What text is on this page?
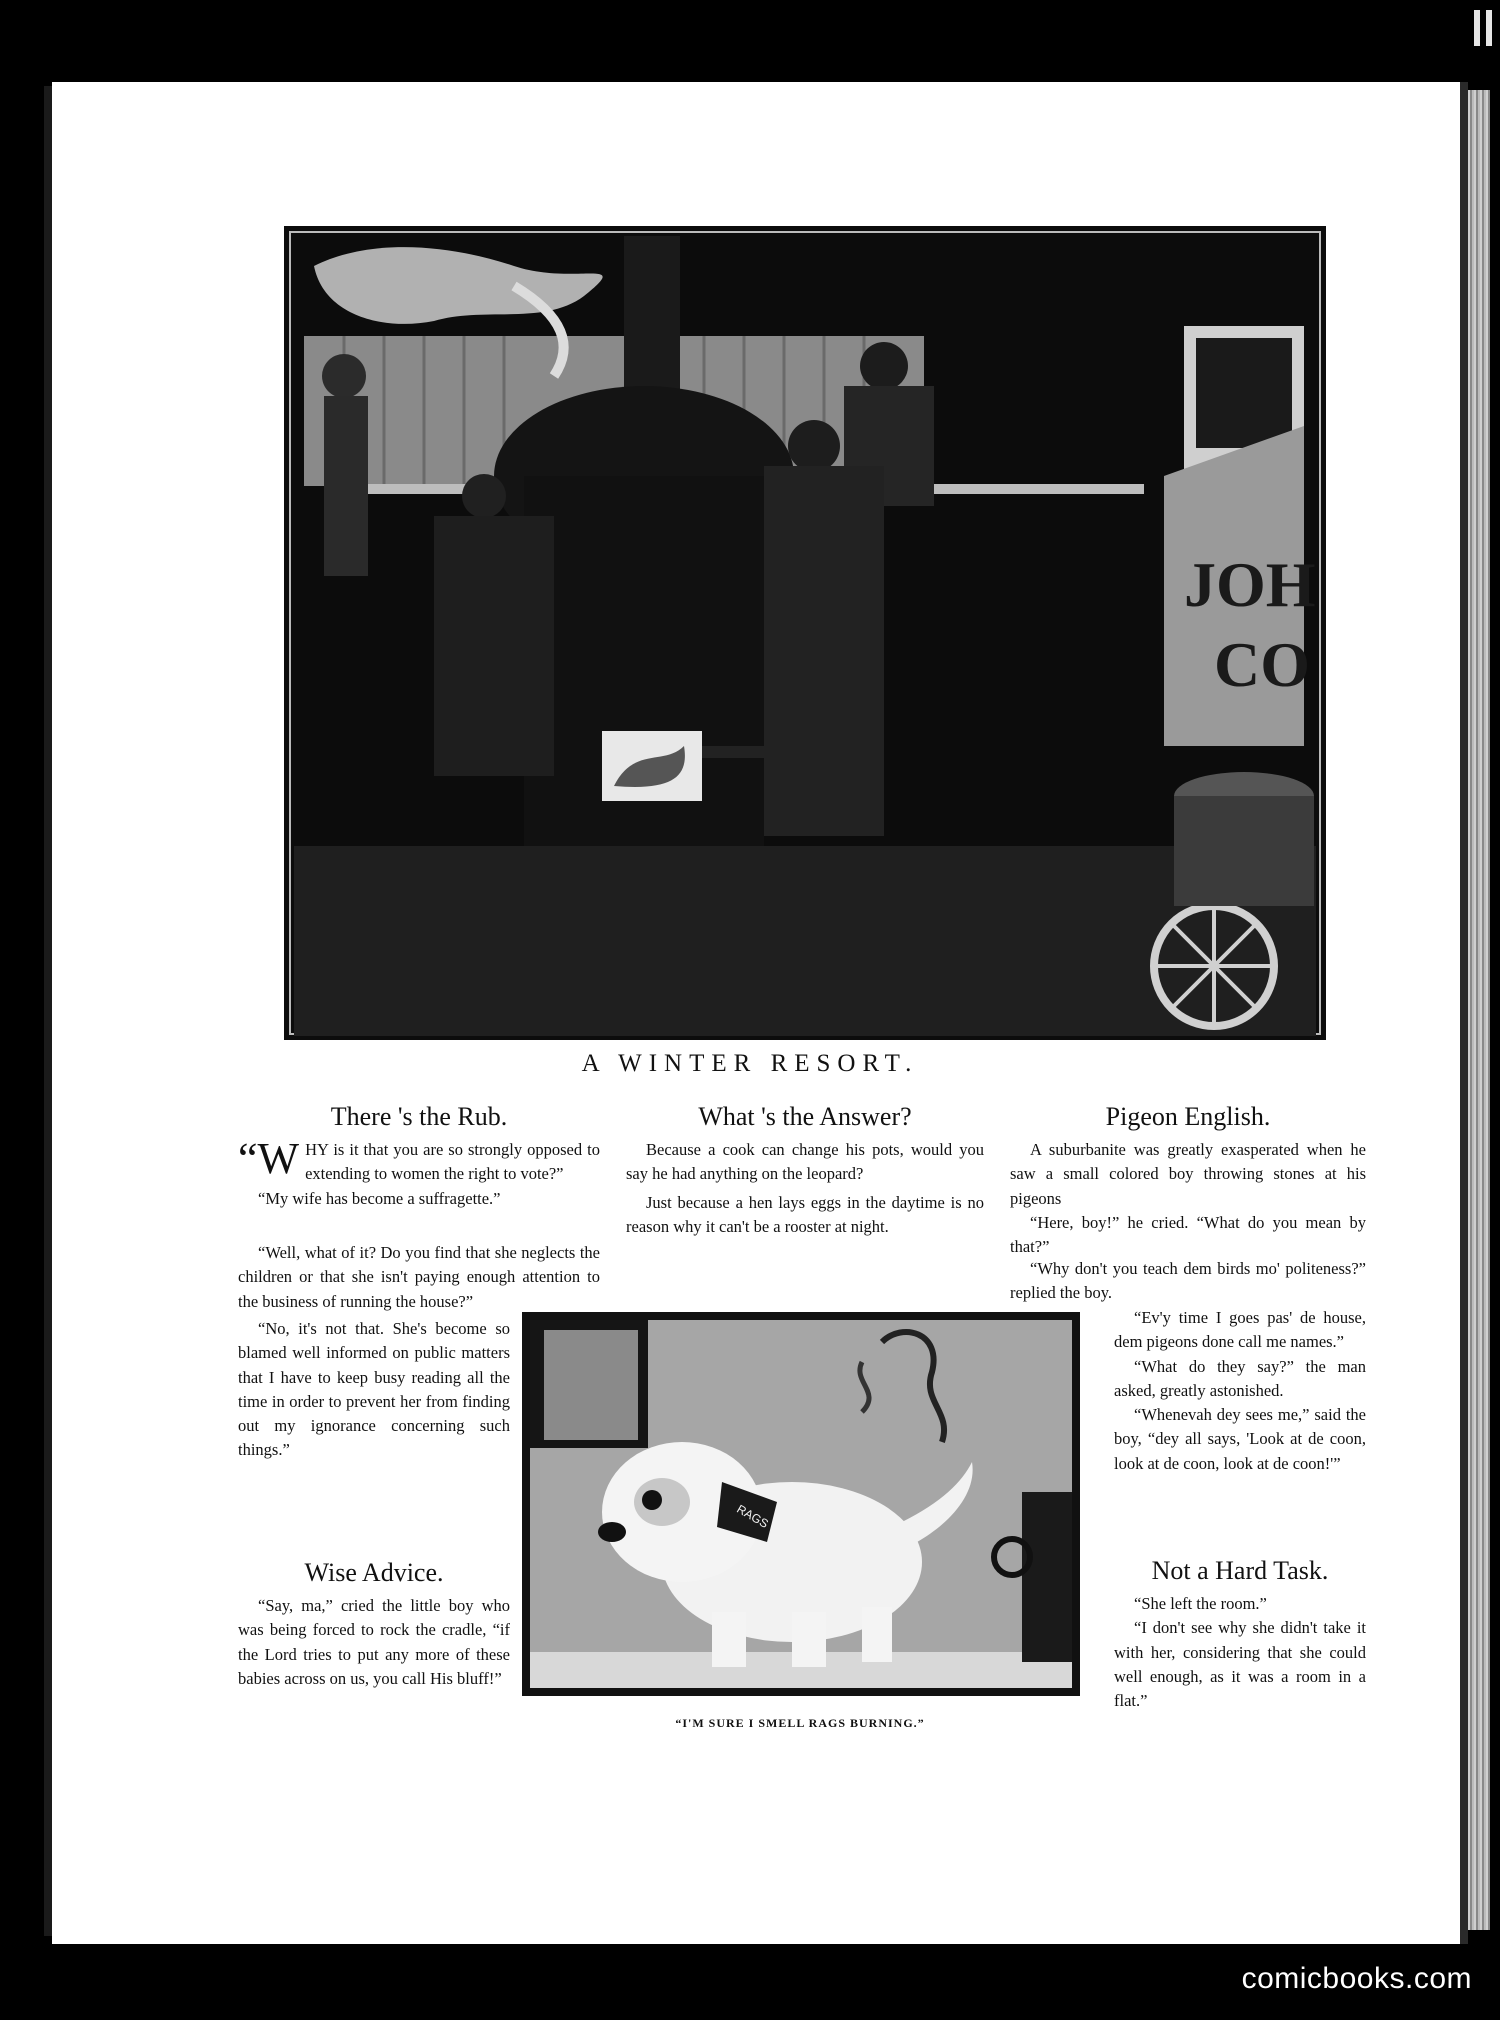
JOH
CO
A WINTER RESORT.
There 's the Rub.

“WHY is it that you are so strongly opposed to extending to women the right to vote?”

“My wife has become a suffragette.”

“Well, what of it? Do you find that she neglects the children or that she isn't paying enough attention to the business of running the house?”

“No, it's not that. She's become so blamed well informed on public matters that I have to keep busy reading all the time in order to prevent her from finding out my ignorance concerning such things.”

Wise Advice.

“Say, ma,” cried the little boy who was being forced to rock the cradle, “if the Lord tries to put any more of these babies across on us, you call His bluff!”

What 's the Answer?

Because a cook can change his pots, would you say he had anything on the leopard?

Just because a hen lays eggs in the daytime is no reason why it can't be a rooster at night.

Pigeon English.

A suburbanite was greatly exasperated when he saw a small colored boy throwing stones at his pigeons

“Here, boy!” he cried. “What do you mean by that?”

“Why don't you teach dem birds mo' politeness?” replied the boy.

“Ev'y time I goes pas' de house, dem pigeons done call me names.”

“What do they say?” the man asked, greatly astonished.

“Whenevah dey sees me,” said the boy, “dey all says, 'Look at de coon, look at de coon, look at de coon!'”

Not a Hard Task.

“She left the room.”

“I don't see why she didn't take it with her, considering that she could well enough, as it was a room in a flat.”

RAGS
“I'M SURE I SMELL RAGS BURNING.”
comicbooks.com
